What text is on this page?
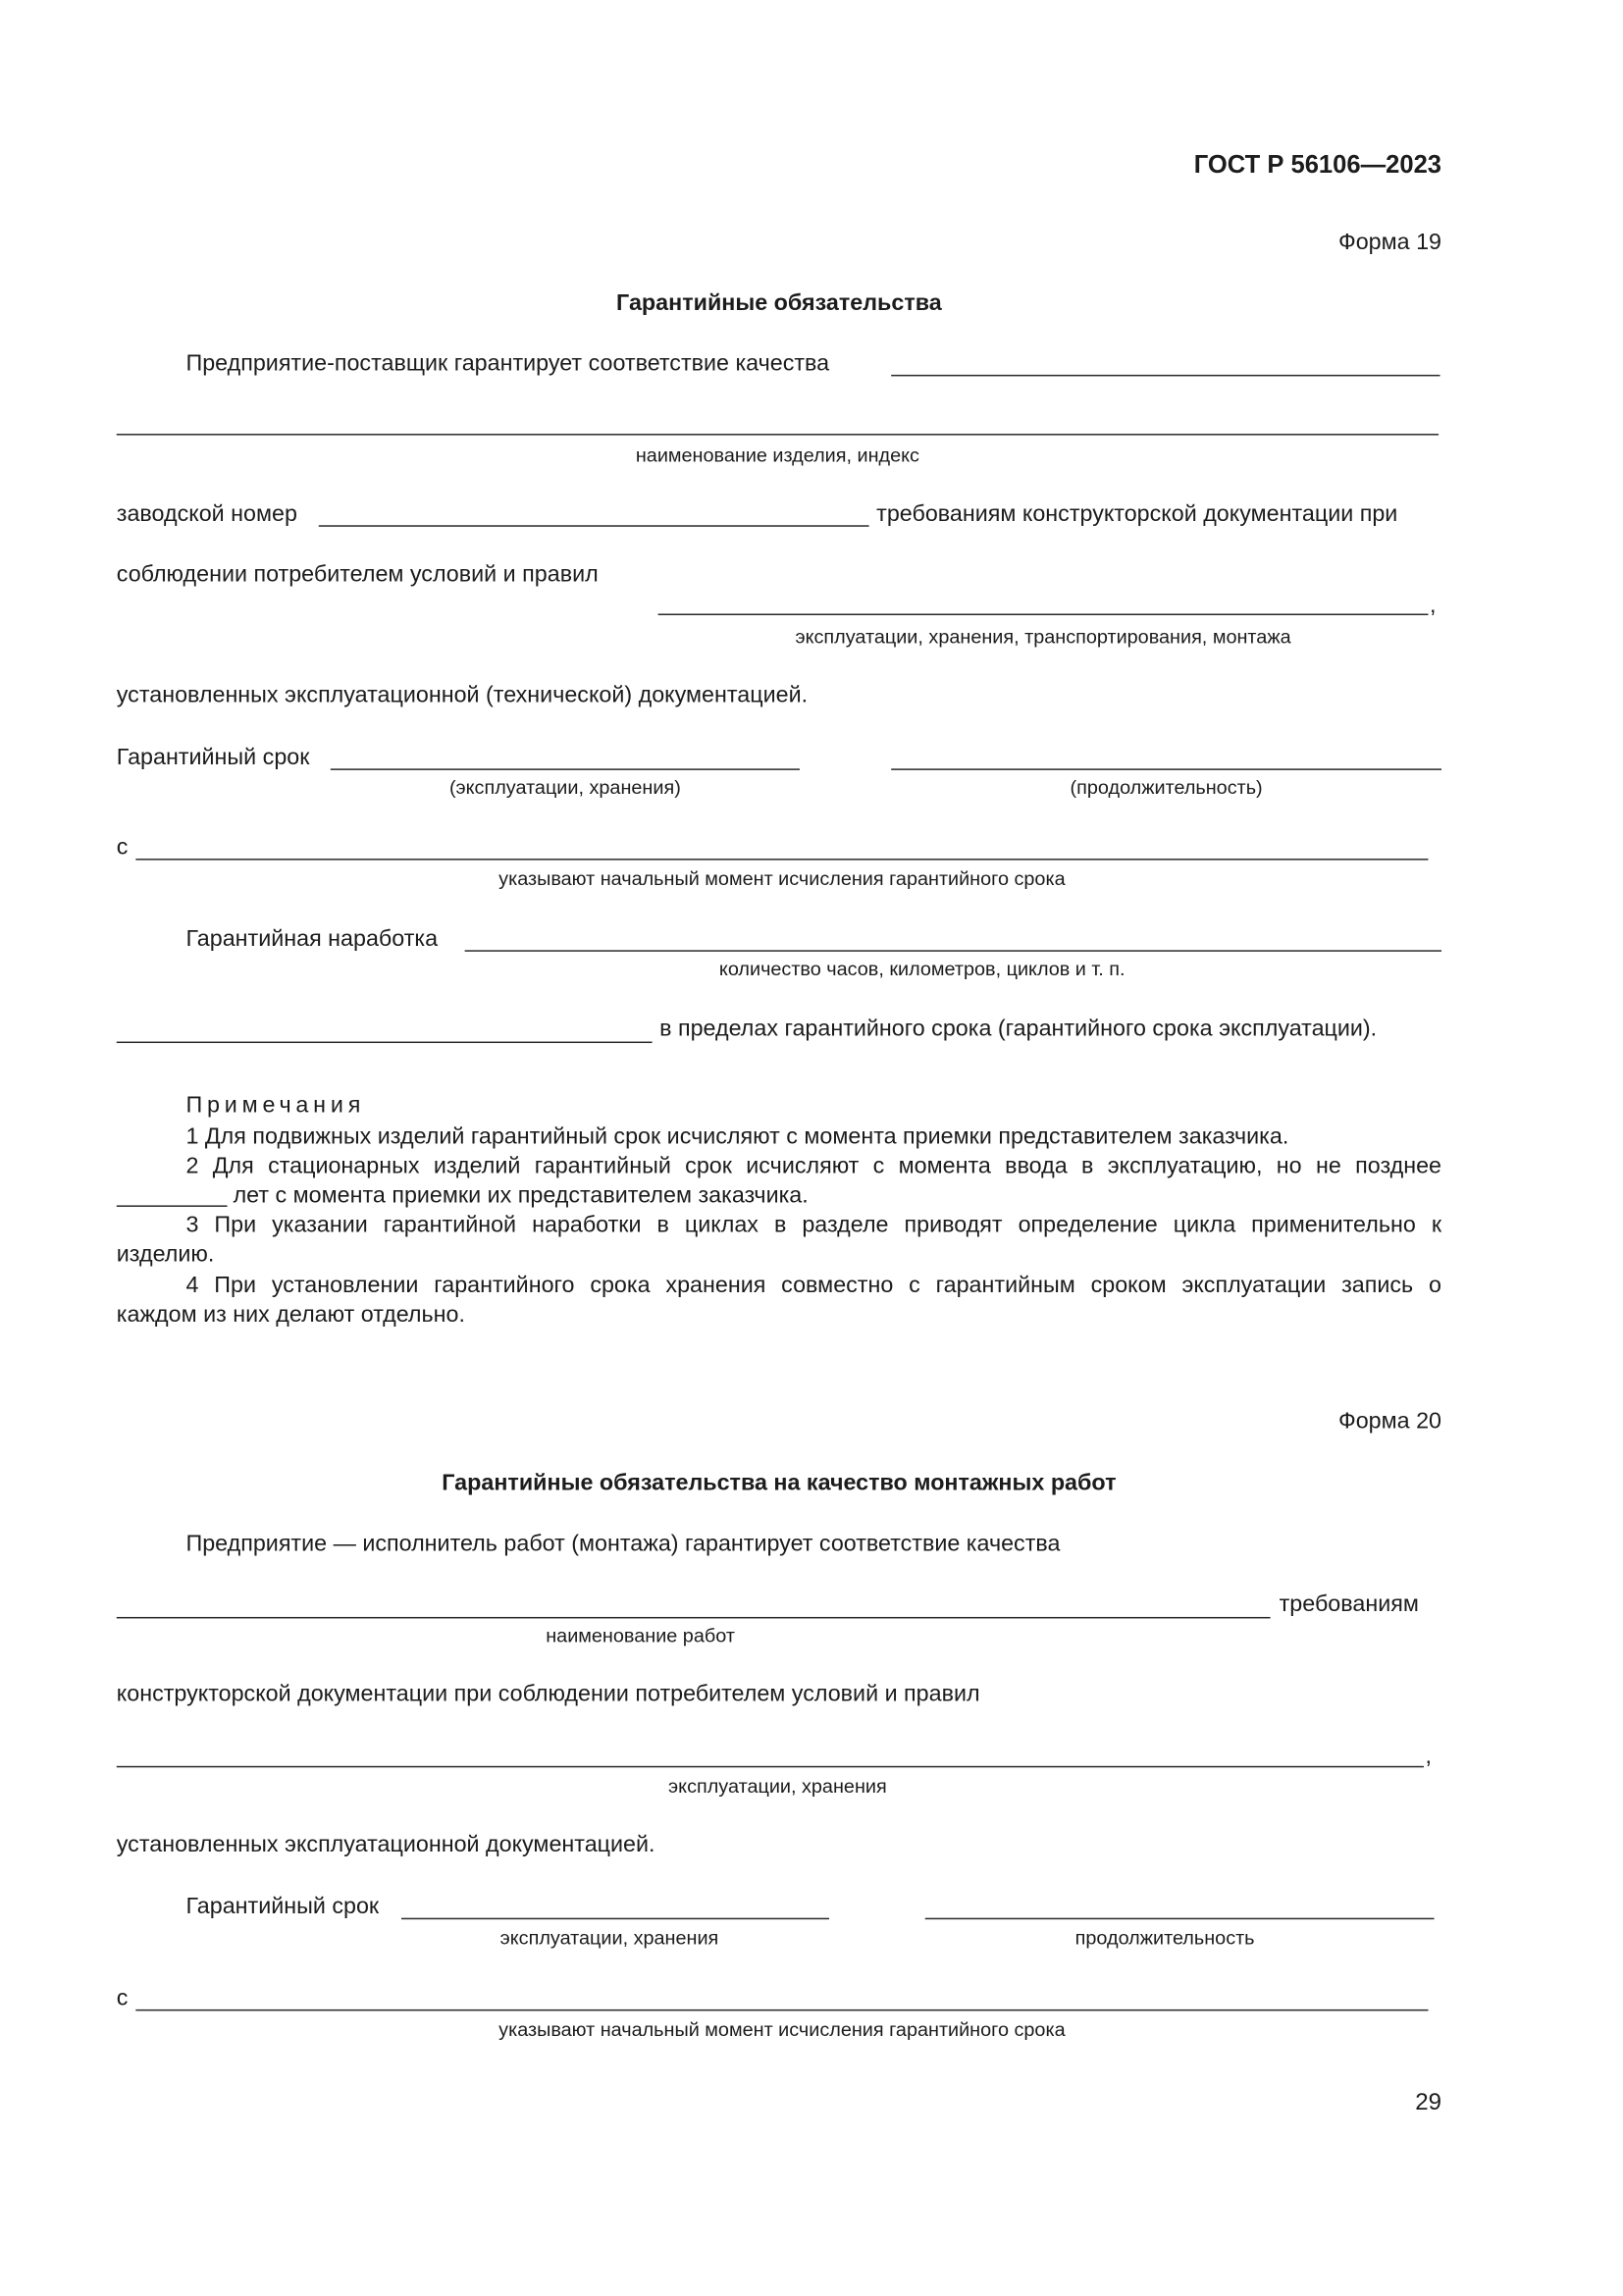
ГОСТ Р 56106—2023
Форма 19
Гарантийные обязательства
Предприятие-поставщик гарантирует соответствие качества
наименование изделия, индекс
заводской номер	требованиям конструкторской документации при
соблюдении потребителем условий и правил
,
эксплуатации, хранения, транспортирования, монтажа
установленных эксплуатационной (технической) документацией.
Гарантийный срок
(эксплуатации, хранения)	(продолжительность)
с
указывают начальный момент исчисления гарантийного срока
Гарантийная наработка
количество часов, километров, циклов и т. п.
в пределах гарантийного срока (гарантийного срока эксплуатации).
Примечания
1 Для подвижных изделий гарантийный срок исчисляют с момента приемки представителем заказчика.
2 Для стационарных изделий гарантийный срок исчисляют с момента ввода в эксплуатацию, но не позднее
лет с момента приемки их представителем заказчика.
3 При указании гарантийной наработки в циклах в разделе приводят определение цикла применительно к
изделию.
4 При установлении гарантийного срока хранения совместно с гарантийным сроком эксплуатации запись о
каждом из них делают отдельно.
Форма 20
Гарантийные обязательства на качество монтажных работ
Предприятие — исполнитель работ (монтажа) гарантирует соответствие качества
требованиям
наименование работ
конструкторской документации при соблюдении потребителем условий и правил
,
эксплуатации, хранения
установленных эксплуатационной документацией.
Гарантийный срок
эксплуатации, хранения	продолжительность
с
указывают начальный момент исчисления гарантийного срока
29
